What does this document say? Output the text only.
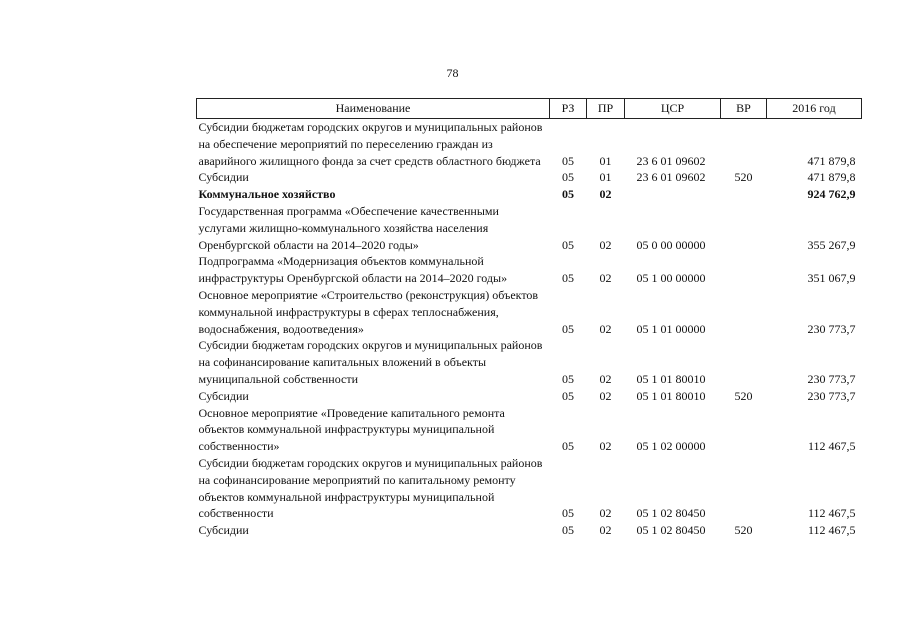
78
Наименование	РЗ	ПР	ЦСР	ВР	2016 год
Субсидии бюджетам городских округов и муниципальных районов на обеспечение мероприятий по переселению граждан из аварийного жилищного фонда за счет средств областного бюджета	05	01	23 6 01 09602		471 879,8
Субсидии	05	01	23 6 01 09602	520	471 879,8
Коммунальное хозяйство	05	02			924 762,9
Государственная программа «Обеспечение качественными услугами жилищно-коммунального хозяйства населения Оренбургской области на 2014–2020 годы»	05	02	05 0 00 00000		355 267,9
Подпрограмма «Модернизация объектов коммунальной инфраструктуры Оренбургской области на 2014–2020 годы»	05	02	05 1 00 00000		351 067,9
Основное мероприятие «Строительство (реконструкция) объектов коммунальной инфраструктуры в сферах теплоснабжения, водоснабжения, водоотведения»	05	02	05 1 01 00000		230 773,7
Субсидии бюджетам городских округов и муниципальных районов на софинансирование капитальных вложений в объекты муниципальной собственности	05	02	05 1 01 80010		230 773,7
Субсидии	05	02	05 1 01 80010	520	230 773,7
Основное мероприятие «Проведение капитального ремонта объектов коммунальной инфраструктуры муниципальной собственности»	05	02	05 1 02 00000		112 467,5
Субсидии бюджетам городских округов и муниципальных районов на софинансирование мероприятий по капитальному ремонту объектов коммунальной инфраструктуры муниципальной собственности	05	02	05 1 02 80450		112 467,5
Субсидии	05	02	05 1 02 80450	520	112 467,5
